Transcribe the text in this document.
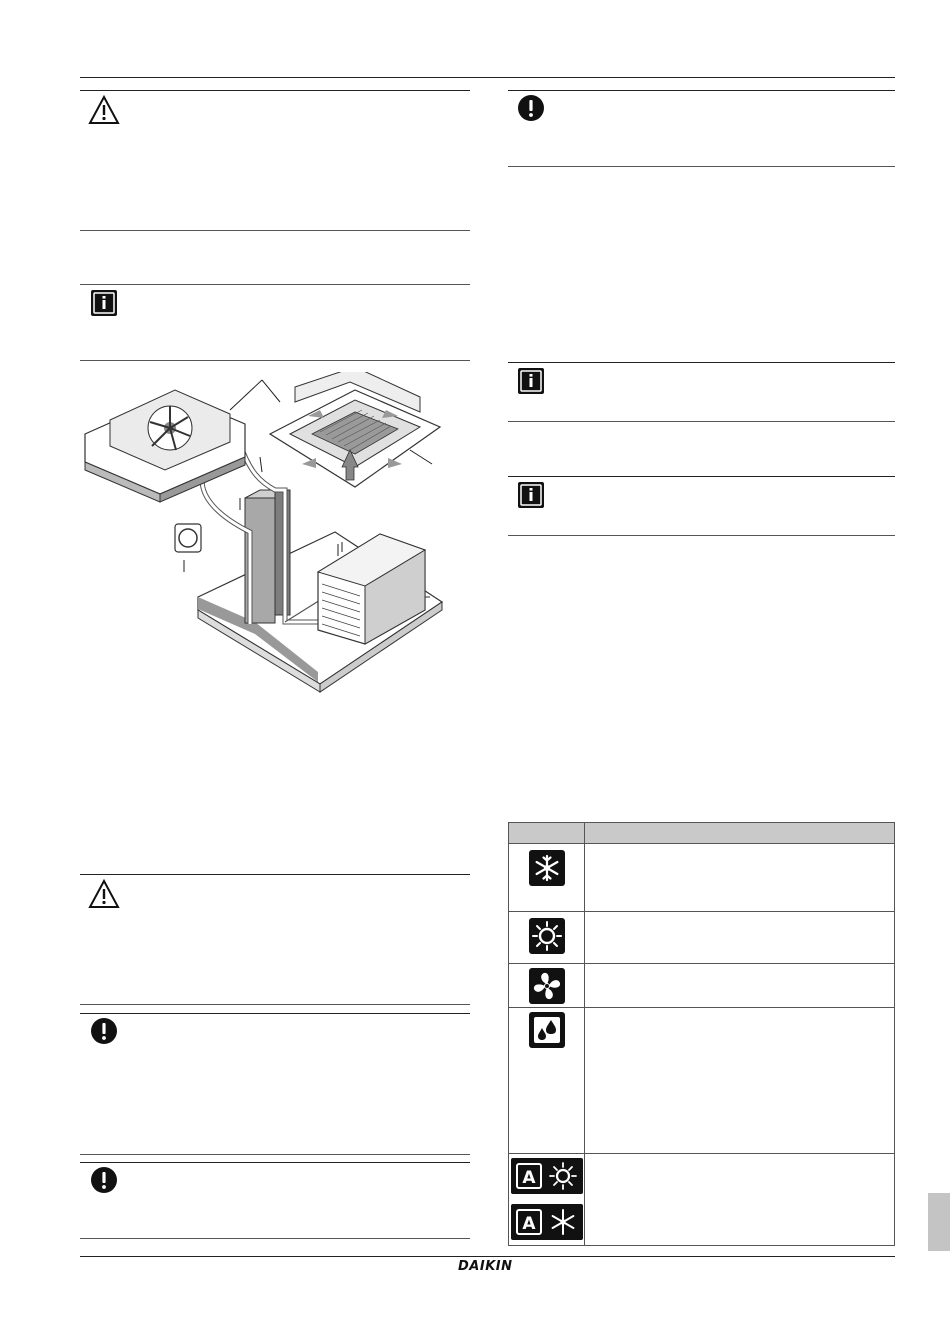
A
A	

DAIKIN
